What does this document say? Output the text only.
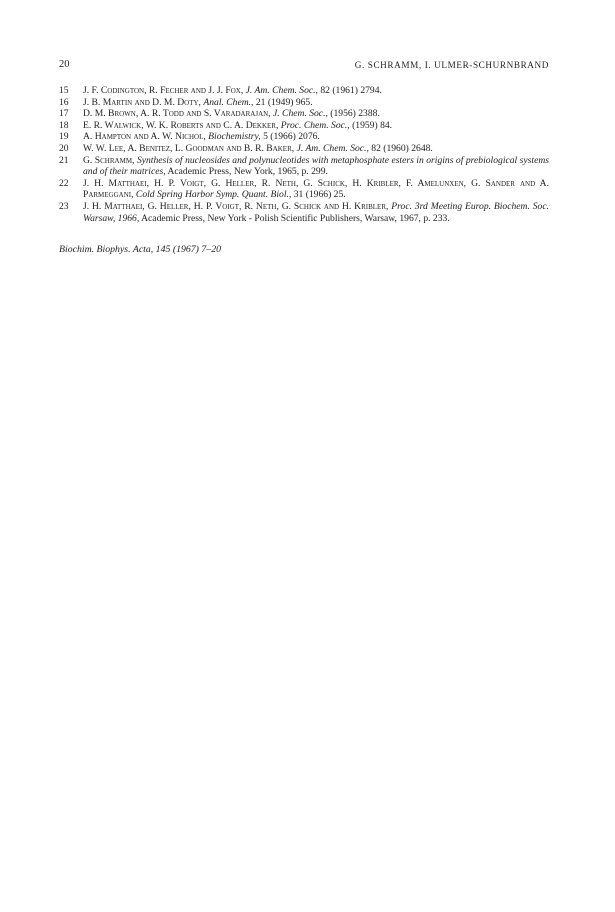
20	G. SCHRAMM, I. ULMER-SCHURNBRAND
15 J. F. Codington, R. Fecher and J. J. Fox, J. Am. Chem. Soc., 82 (1961) 2794.
16 J. B. Martin and D. M. Doty, Anal. Chem., 21 (1949) 965.
17 D. M. Brown, A. R. Todd and S. Varadarajan, J. Chem. Soc., (1956) 2388.
18 E. R. Walwick, W. K. Roberts and C. A. Dekker, Proc. Chem. Soc., (1959) 84.
19 A. Hampton and A. W. Nichol, Biochemistry, 5 (1966) 2076.
20 W. W. Lee, A. Benitez, L. Goodman and B. R. Baker, J. Am. Chem. Soc., 82 (1960) 2648.
21 G. Schramm, Synthesis of nucleosides and polynucleotides with metaphosphate esters in origins of prebiological systems and of their matrices, Academic Press, New York, 1965, p. 299.
22 J. H. Matthaei, H. P. Voigt, G. Heller, R. Neth, G. Schick, H. Kribler, F. Amelunxen, G. Sander and A. Parmeggani, Cold Spring Harbor Symp. Quant. Biol., 31 (1966) 25.
23 J. H. Matthaei, G. Heller, H. P. Voigt, R. Neth, G. Schick and H. Kribler, Proc. 3rd Meeting Europ. Biochem. Soc. Warsaw, 1966, Academic Press, New York - Polish Scientific Publishers, Warsaw, 1967, p. 233.
Biochim. Biophys. Acta, 145 (1967) 7–20
